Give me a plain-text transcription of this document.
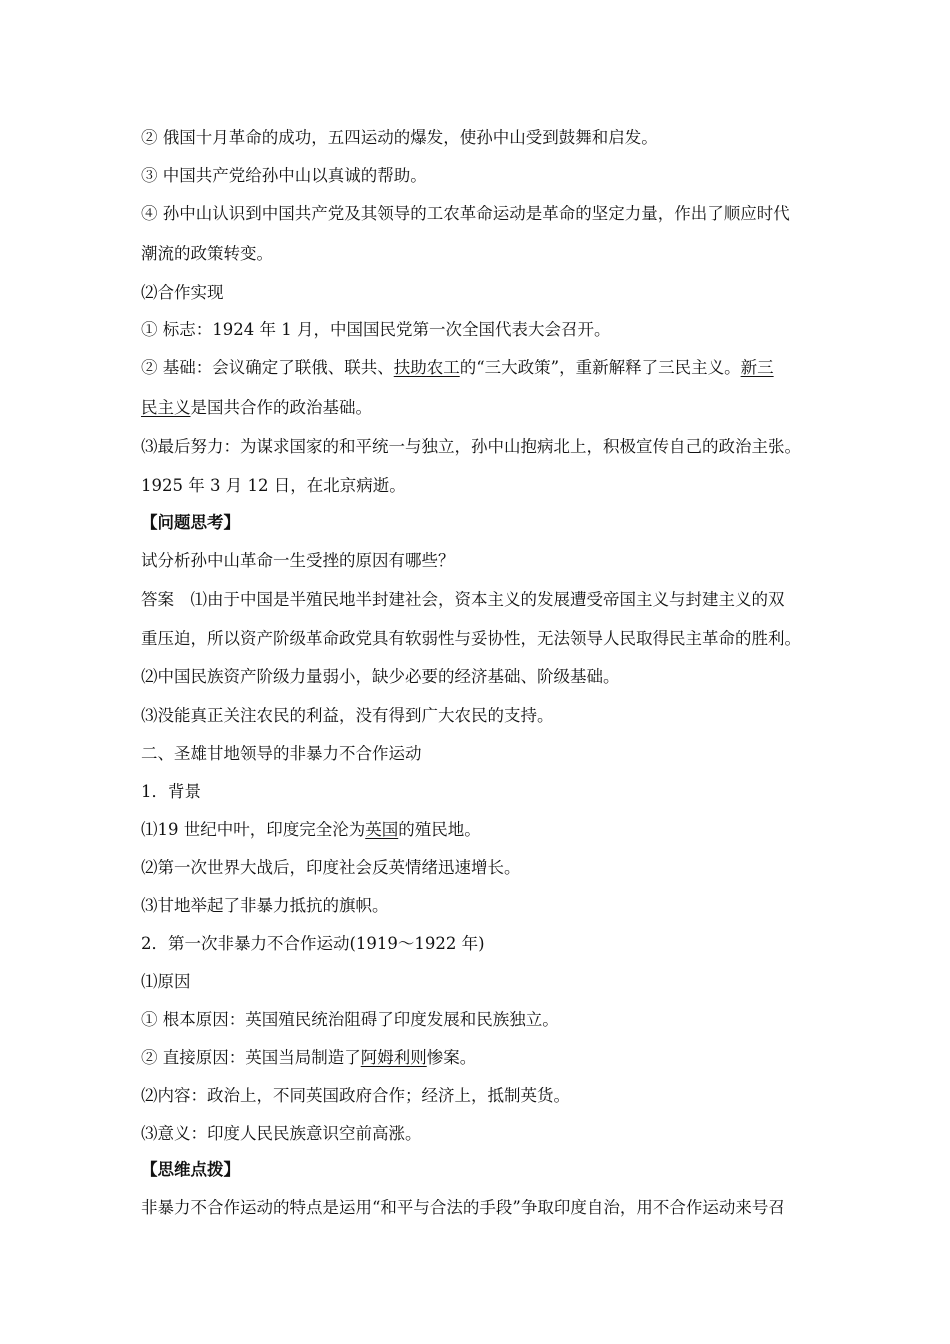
② 俄国十月革命的成功，五四运动的爆发，使孙中山受到鼓舞和启发。
③ 中国共产党给孙中山以真诚的帮助。
④ 孙中山认识到中国共产党及其领导的工农革命运动是革命的坚定力量，作出了顺应时代
潮流的政策转变。
⑵合作实现
① 标志：1924 年 1 月，中国国民党第一次全国代表大会召开。
② 基础：会议确定了联俄、联共、扶助农工的“三大政策”，重新解释了三民主义。新三
民主义是国共合作的政治基础。
⑶最后努力：为谋求国家的和平统一与独立，孙中山抱病北上，积极宣传自己的政治主张。
1925 年 3 月 12 日，在北京病逝。
【问题思考】
试分析孙中山革命一生受挫的原因有哪些？
答案　⑴由于中国是半殖民地半封建社会，资本主义的发展遭受帝国主义与封建主义的双
重压迫，所以资产阶级革命政党具有软弱性与妥协性，无法领导人民取得民主革命的胜利。
⑵中国民族资产阶级力量弱小，缺少必要的经济基础、阶级基础。
⑶没能真正关注农民的利益，没有得到广大农民的支持。
二、圣雄甘地领导的非暴力不合作运动
1．背景
⑴19 世纪中叶，印度完全沦为英国的殖民地。
⑵第一次世界大战后，印度社会反英情绪迅速增长。
⑶甘地举起了非暴力抵抗的旗帜。
2．第一次非暴力不合作运动(1919～1922 年)
⑴原因
① 根本原因：英国殖民统治阻碍了印度发展和民族独立。
② 直接原因：英国当局制造了阿姆利则惨案。
⑵内容：政治上，不同英国政府合作；经济上，抵制英货。
⑶意义：印度人民民族意识空前高涨。
【思维点拨】
非暴力不合作运动的特点是运用“和平与合法的手段”争取印度自治，用不合作运动来号召
